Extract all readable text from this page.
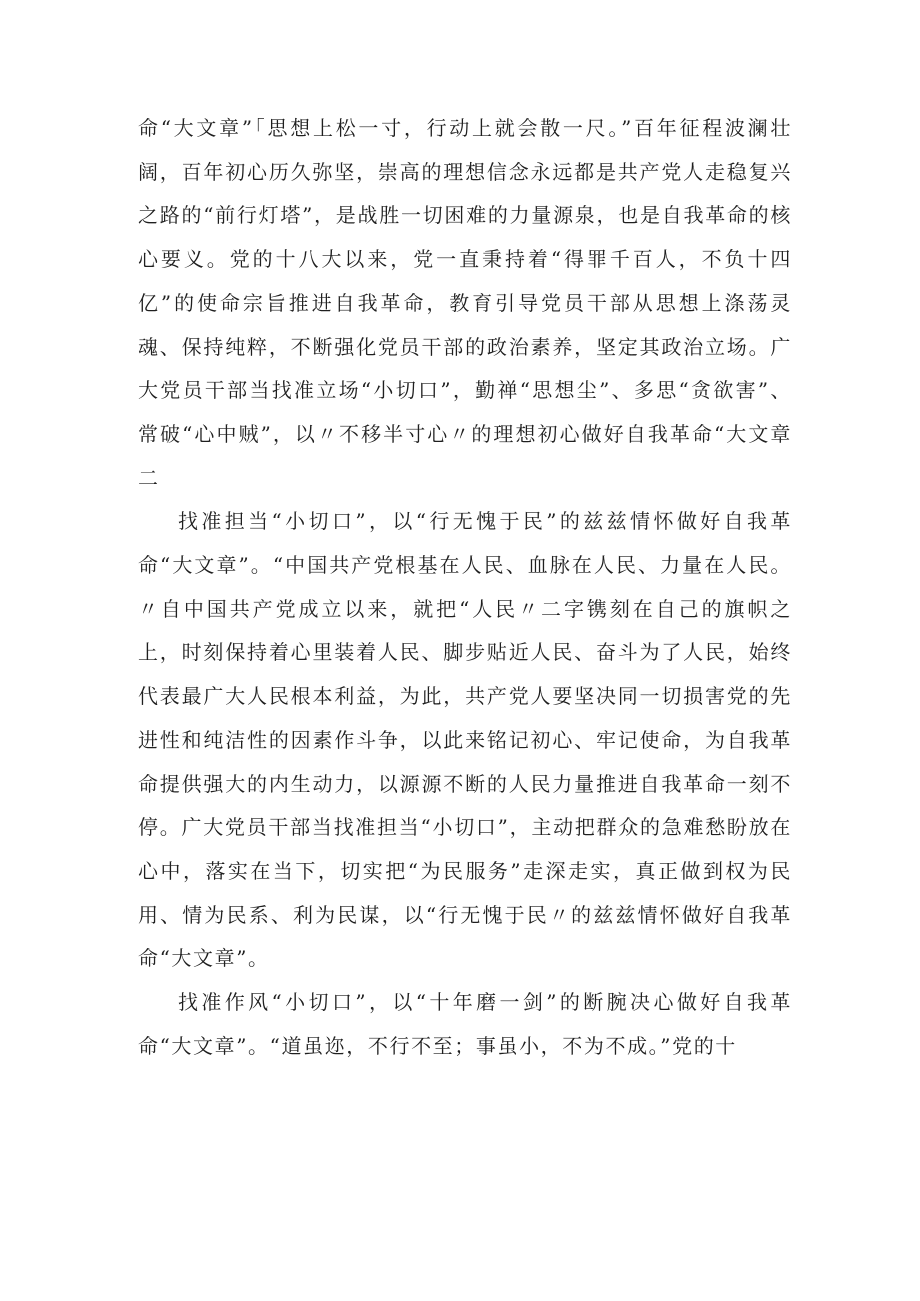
命“大文章”「思想上松一寸，行动上就会散一尺。”百年征程波澜壮阔，百年初心历久弥坚，崇高的理想信念永远都是共产党人走稳复兴之路的“前行灯塔”，是战胜一切困难的力量源泉，也是自我革命的核心要义。党的十八大以来，党一直秉持着“得罪千百人，不负十四亿”的使命宗旨推进自我革命，教育引导党员干部从思想上涤荡灵魂、保持纯粹，不断强化党员干部的政治素养，坚定其政治立场。广大党员干部当找准立场“小切口”，勤禅“思想尘”、多思“贪欲害”、常破“心中贼”，以〃不移半寸心〃的理想初心做好自我革命“大文章二

找准担当“小切口”，以“行无愧于民”的兹兹情怀做好自我革命“大文章”。“中国共产党根基在人民、血脉在人民、力量在人民。〃自中国共产党成立以来，就把“人民〃二字镌刻在自己的旗帜之上，时刻保持着心里装着人民、脚步贴近人民、奋斗为了人民，始终代表最广大人民根本利益，为此，共产党人要坚决同一切损害党的先进性和纯洁性的因素作斗争，以此来铭记初心、牢记使命，为自我革命提供强大的内生动力，以源源不断的人民力量推进自我革命一刻不停。广大党员干部当找准担当“小切口”，主动把群众的急难愁盼放在心中，落实在当下，切实把“为民服务”走深走实，真正做到权为民用、情为民系、利为民谋，以“行无愧于民〃的兹兹情怀做好自我革命“大文章”。

找准作风“小切口”，以“十年磨一剑”的断腕决心做好自我革命“大文章”。“道虽迩，不行不至；事虽小，不为不成。”党的十
